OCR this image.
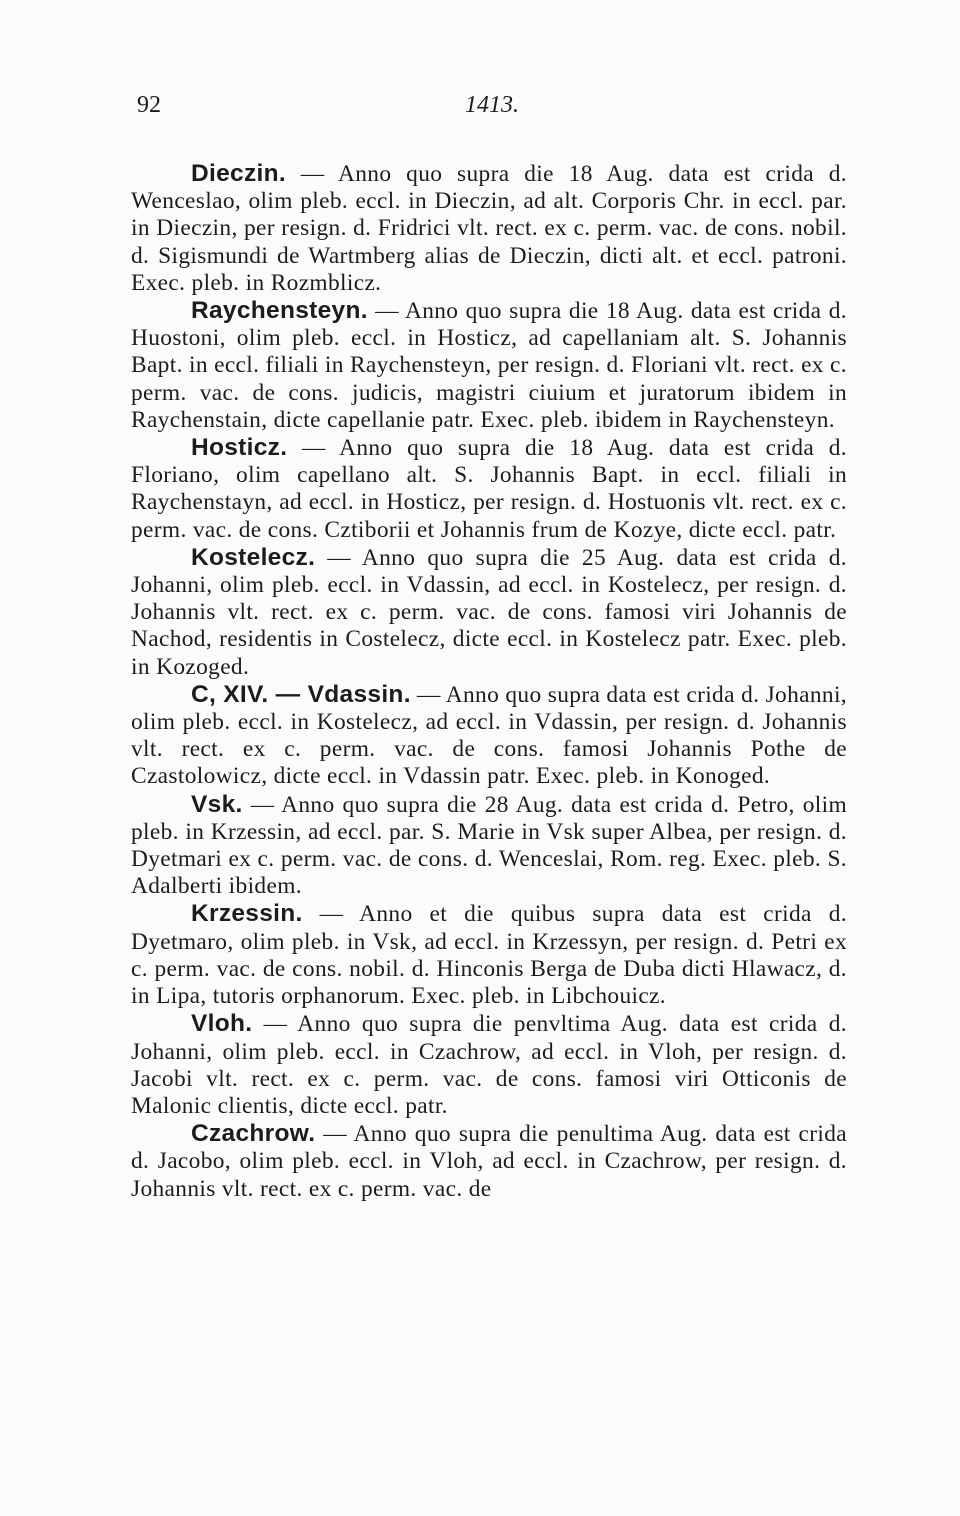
92	1413.

Dieczin. — Anno quo supra die 18 Aug. data est crida d. Wenceslao, olim pleb. eccl. in Dieczin, ad alt. Corporis Chr. in eccl. par. in Dieczin, per resign. d. Fridrici vlt. rect. ex c. perm. vac. de cons. nobil. d. Sigismundi de Wartmberg alias de Dieczin, dicti alt. et eccl. patroni. Exec. pleb. in Rozmblicz.

Raychensteyn. — Anno quo supra die 18 Aug. data est crida d. Huostoni, olim pleb. eccl. in Hosticz, ad capellaniam alt. S. Johannis Bapt. in eccl. filiali in Raychensteyn, per resign. d. Floriani vlt. rect. ex c. perm. vac. de cons. judicis, magistri ciuium et juratorum ibidem in Raychenstain, dicte capellanie patr. Exec. pleb. ibidem in Raychensteyn.

Hosticz. — Anno quo supra die 18 Aug. data est crida d. Floriano, olim capellano alt. S. Johannis Bapt. in eccl. filiali in Raychenstayn, ad eccl. in Hosticz, per resign. d. Hostuonis vlt. rect. ex c. perm. vac. de cons. Cztiborii et Johannis frum de Kozye, dicte eccl. patr.

Kostelecz. — Anno quo supra die 25 Aug. data est crida d. Johanni, olim pleb. eccl. in Vdassin, ad eccl. in Kostelecz, per resign. d. Johannis vlt. rect. ex c. perm. vac. de cons. famosi viri Johannis de Nachod, residentis in Costelecz, dicte eccl. in Kostelecz patr. Exec. pleb. in Kozoged.

C, XIV. — Vdassin. — Anno quo supra data est crida d. Johanni, olim pleb. eccl. in Kostelecz, ad eccl. in Vdassin, per resign. d. Johannis vlt. rect. ex c. perm. vac. de cons. famosi Johannis Pothe de Czastolowicz, dicte eccl. in Vdassin patr. Exec. pleb. in Konoged.

Vsk. — Anno quo supra die 28 Aug. data est crida d. Petro, olim pleb. in Krzessin, ad eccl. par. S. Marie in Vsk super Albea, per resign. d. Dyetmari ex c. perm. vac. de cons. d. Wenceslai, Rom. reg. Exec. pleb. S. Adalberti ibidem.

Krzessin. — Anno et die quibus supra data est crida d. Dyetmaro, olim pleb. in Vsk, ad eccl. in Krzessyn, per resign. d. Petri ex c. perm. vac. de cons. nobil. d. Hinconis Berga de Duba dicti Hlawacz, d. in Lipa, tutoris orphanorum. Exec. pleb. in Libchouicz.

Vloh. — Anno quo supra die penvltima Aug. data est crida d. Johanni, olim pleb. eccl. in Czachrow, ad eccl. in Vloh, per resign. d. Jacobi vlt. rect. ex c. perm. vac. de cons. famosi viri Otticonis de Malonic clientis, dicte eccl. patr.

Czachrow. — Anno quo supra die penultima Aug. data est crida d. Jacobo, olim pleb. eccl. in Vloh, ad eccl. in Czachrow, per resign. d. Johannis vlt. rect. ex c. perm. vac. de
